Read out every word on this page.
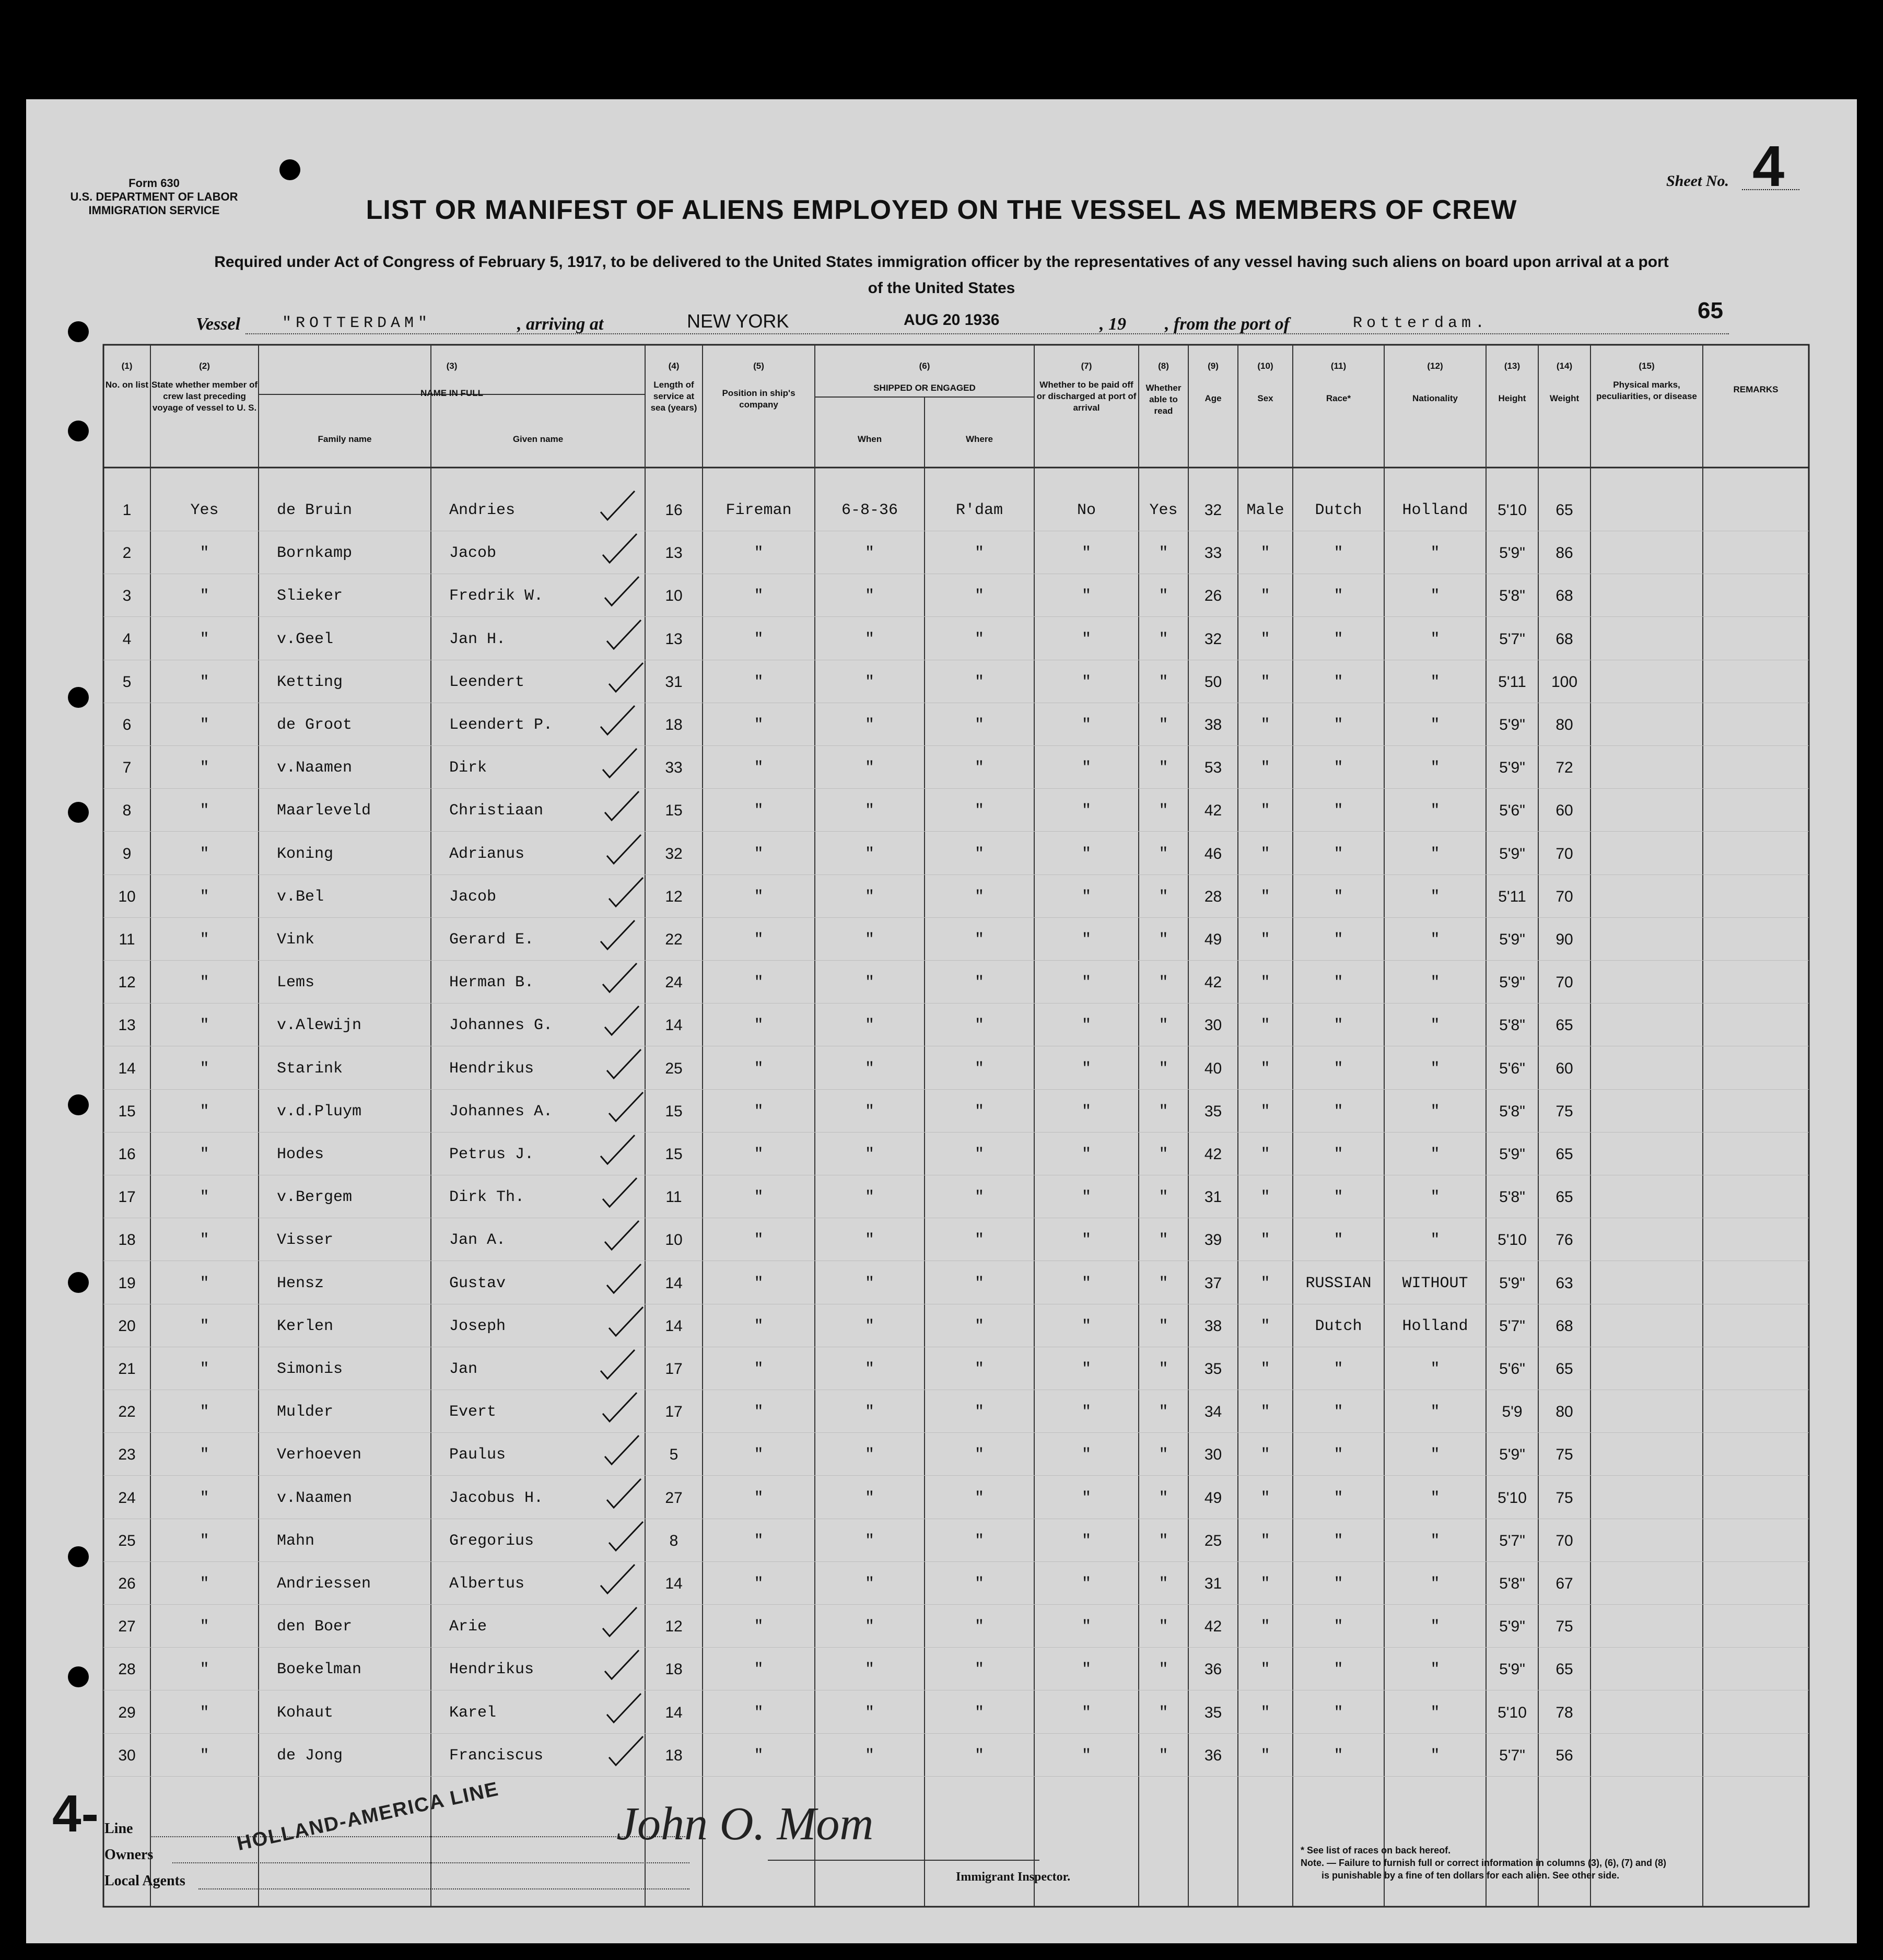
Form 630
U.S. DEPARTMENT OF LABOR
IMMIGRATION SERVICE
Sheet No. 4
LIST OR MANIFEST OF ALIENS EMPLOYED ON THE VESSEL AS MEMBERS OF CREW
Required under Act of Congress of February 5, 1917, to be delivered to the United States immigration officer by the representatives of any vessel having such aliens on board upon arrival at a port
of the United States
Vessel	"ROTTERDAM"	, arriving at	NEW YORK	AUG 20 1936	, 19 , from the port of	Rotterdam.	65
(1)
No. on list
(2)
State whether member of crew last preceding voyage of vessel to U. S.
(3)
NAME IN FULL
Family name	Given name
(4)
Length of service at sea (years)
(5)
Position in ship's company
(6)
SHIPPED OR ENGAGED
When	Where
(7)
Whether to be paid off or discharged at port of arrival
(8)
Whether able to read
(9)
Age
(10)
Sex
(11)
Race*
(12)
Nationality
(13)
Height
(14)
Weight
(15)
Physical marks, peculiarities, or disease
REMARKS
1	Yes	de Bruin	Andries	16	Fireman	6-8-36	R'dam	No	Yes	32	Male	Dutch	Holland	5'10	65
2	"	Bornkamp	Jacob	13	"	"	"	"	"	33	"	"	"	5'9"	86
3	"	Slieker	Fredrik W.	10	"	"	"	"	"	26	"	"	"	5'8"	68
4	"	v.Geel	Jan H.	13	"	"	"	"	"	32	"	"	"	5'7"	68
5	"	Ketting	Leendert	31	"	"	"	"	"	50	"	"	"	5'11	100
6	"	de Groot	Leendert P.	18	"	"	"	"	"	38	"	"	"	5'9"	80
7	"	v.Naamen	Dirk	33	"	"	"	"	"	53	"	"	"	5'9"	72
8	"	Maarleveld	Christiaan	15	"	"	"	"	"	42	"	"	"	5'6"	60
9	"	Koning	Adrianus	32	"	"	"	"	"	46	"	"	"	5'9"	70
10	"	v.Bel	Jacob	12	"	"	"	"	"	28	"	"	"	5'11	70
11	"	Vink	Gerard E.	22	"	"	"	"	"	49	"	"	"	5'9"	90
12	"	Lems	Herman B.	24	"	"	"	"	"	42	"	"	"	5'9"	70
13	"	v.Alewijn	Johannes G.	14	"	"	"	"	"	30	"	"	"	5'8"	65
14	"	Starink	Hendrikus	25	"	"	"	"	"	40	"	"	"	5'6"	60
15	"	v.d.Pluym	Johannes A.	15	"	"	"	"	"	35	"	"	"	5'8"	75
16	"	Hodes	Petrus J.	15	"	"	"	"	"	42	"	"	"	5'9"	65
17	"	v.Bergem	Dirk Th.	11	"	"	"	"	"	31	"	"	"	5'8"	65
18	"	Visser	Jan A.	10	"	"	"	"	"	39	"	"	"	5'10	76
19	"	Hensz	Gustav	14	"	"	"	"	"	37	"	RUSSIAN	WITHOUT	5'9"	63
20	"	Kerlen	Joseph	14	"	"	"	"	"	38	"	Dutch	Holland	5'7"	68
21	"	Simonis	Jan	17	"	"	"	"	"	35	"	"	"	5'6"	65
22	"	Mulder	Evert	17	"	"	"	"	"	34	"	"	"	5'9	80
23	"	Verhoeven	Paulus	5	"	"	"	"	"	30	"	"	"	5'9"	75
24	"	v.Naamen	Jacobus H.	27	"	"	"	"	"	49	"	"	"	5'10	75
25	"	Mahn	Gregorius	8	"	"	"	"	"	25	"	"	"	5'7"	70
26	"	Andriessen	Albertus	14	"	"	"	"	"	31	"	"	"	5'8"	67
27	"	den Boer	Arie	12	"	"	"	"	"	42	"	"	"	5'9"	75
28	"	Boekelman	Hendrikus	18	"	"	"	"	"	36	"	"	"	5'9"	65
29	"	Kohaut	Karel	14	"	"	"	"	"	35	"	"	"	5'10	78
30	"	de Jong	Franciscus	18	"	"	"	"	"	36	"	"	"	5'7"	56
4- Line
Owners
Local Agents
HOLLAND-AMERICA LINE John O. Mom
Immigrant Inspector.
* See list of races on back hereof.
Note. — Failure to furnish full or correct information in columns (3), (6), (7) and (8)
is punishable by a fine of ten dollars for each alien. See other side.
